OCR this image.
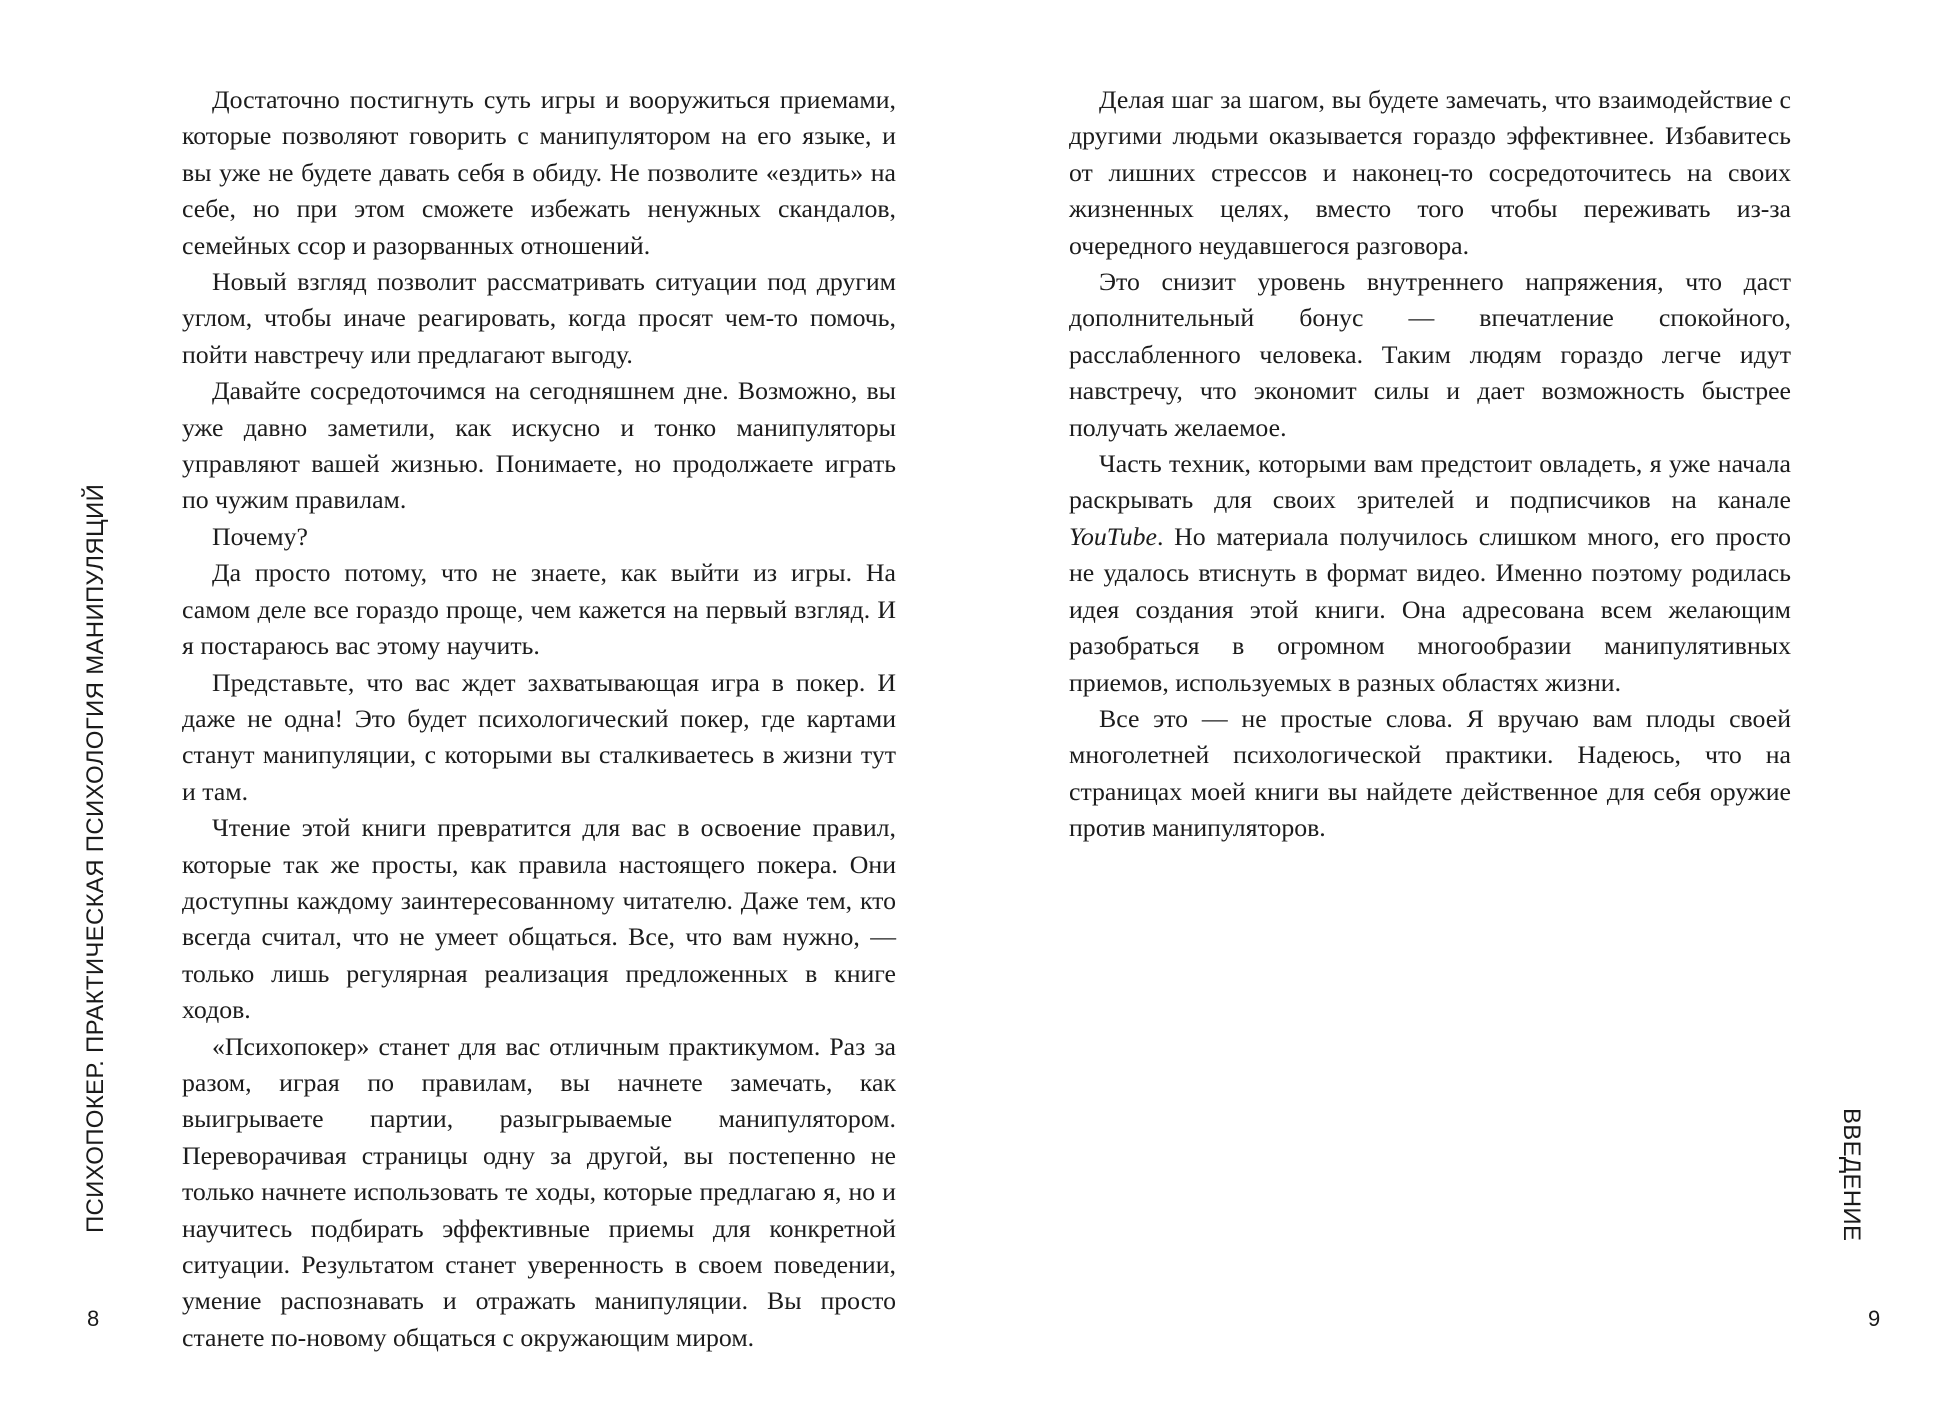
ПСИХОПОКЕР. ПРАКТИЧЕСКАЯ ПСИХОЛОГИЯ МАНИПУЛЯЦИЙ
8

Достаточно постигнуть суть игры и вооружиться приемами, которые позволяют говорить с манипулятором на его языке, и вы уже не будете давать себя в обиду. Не позволите «ездить» на себе, но при этом сможете избежать ненужных скандалов, семейных ссор и разорванных отношений.

Новый взгляд позволит рассматривать ситуации под другим углом, чтобы иначе реагировать, когда просят чем-то помочь, пойти навстречу или предлагают выгоду.

Давайте сосредоточимся на сегодняшнем дне. Возможно, вы уже давно заметили, как искусно и тонко манипуляторы управляют вашей жизнью. Понимаете, но продолжаете играть по чужим правилам.

Почему?

Да просто потому, что не знаете, как выйти из игры. На самом деле все гораздо проще, чем кажется на первый взгляд. И я постараюсь вас этому научить.

Представьте, что вас ждет захватывающая игра в покер. И даже не одна! Это будет психологический покер, где картами станут манипуляции, с которыми вы сталкиваетесь в жизни тут и там.

Чтение этой книги превратится для вас в освоение правил, которые так же просты, как правила настоящего покера. Они доступны каждому заинтересованному читателю. Даже тем, кто всегда считал, что не умеет общаться. Все, что вам нужно, — только лишь регулярная реализация предложенных в книге ходов.

«Психопокер» станет для вас отличным практикумом. Раз за разом, играя по правилам, вы начнете замечать, как выигрываете партии, разыгрываемые манипулятором. Переворачивая страницы одну за другой, вы постепенно не только начнете использовать те ходы, которые предлагаю я, но и научитесь подбирать эффективные приемы для конкретной ситуации. Результатом станет уверенность в своем поведении, умение распознавать и отражать манипуляции. Вы просто станете по-новому общаться с окружающим миром.

ВВЕДЕНИЕ
9

Делая шаг за шагом, вы будете замечать, что взаимодействие с другими людьми оказывается гораздо эффективнее. Избавитесь от лишних стрессов и наконец-то сосредоточитесь на своих жизненных целях, вместо того чтобы переживать из-за очередного неудавшегося разговора.

Это снизит уровень внутреннего напряжения, что даст дополнительный бонус — впечатление спокойного, расслабленного человека. Таким людям гораздо легче идут навстречу, что экономит силы и дает возможность быстрее получать желаемое.

Часть техник, которыми вам предстоит овладеть, я уже начала раскрывать для своих зрителей и подписчиков на канале YouTube. Но материала получилось слишком много, его просто не удалось втиснуть в формат видео. Именно поэтому родилась идея создания этой книги. Она адресована всем желающим разобраться в огромном многообразии манипулятивных приемов, используемых в разных областях жизни.

Все это — не простые слова. Я вручаю вам плоды своей многолетней психологической практики. Надеюсь, что на страницах моей книги вы найдете действенное для себя оружие против манипуляторов.
